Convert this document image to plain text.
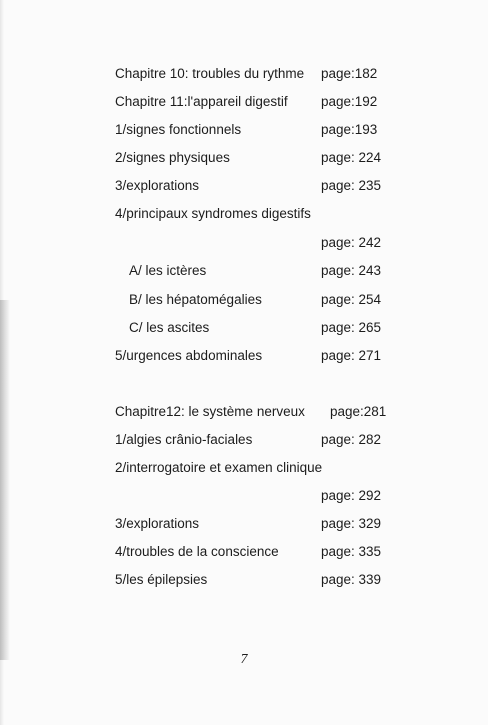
Chapitre 10: troubles du rythme page:182
Chapitre 11:l'appareil digestif page:192
1/signes fonctionnels	page:193
2/signes physiques	page: 224
3/explorations	page: 235
4/principaux syndromes digestifs
page: 242
A/ les ictères	page: 243
B/ les hépatomégalies	page: 254
C/ les ascites	page: 265
5/urgences abdominales	page: 271
Chapitre12: le système nerveux page:281
1/algies crânio-faciales	page: 282
2/interrogatoire et examen clinique
page: 292
3/explorations	page: 329
4/troubles de la conscience	page: 335
5/les épilepsies	page: 339
7
